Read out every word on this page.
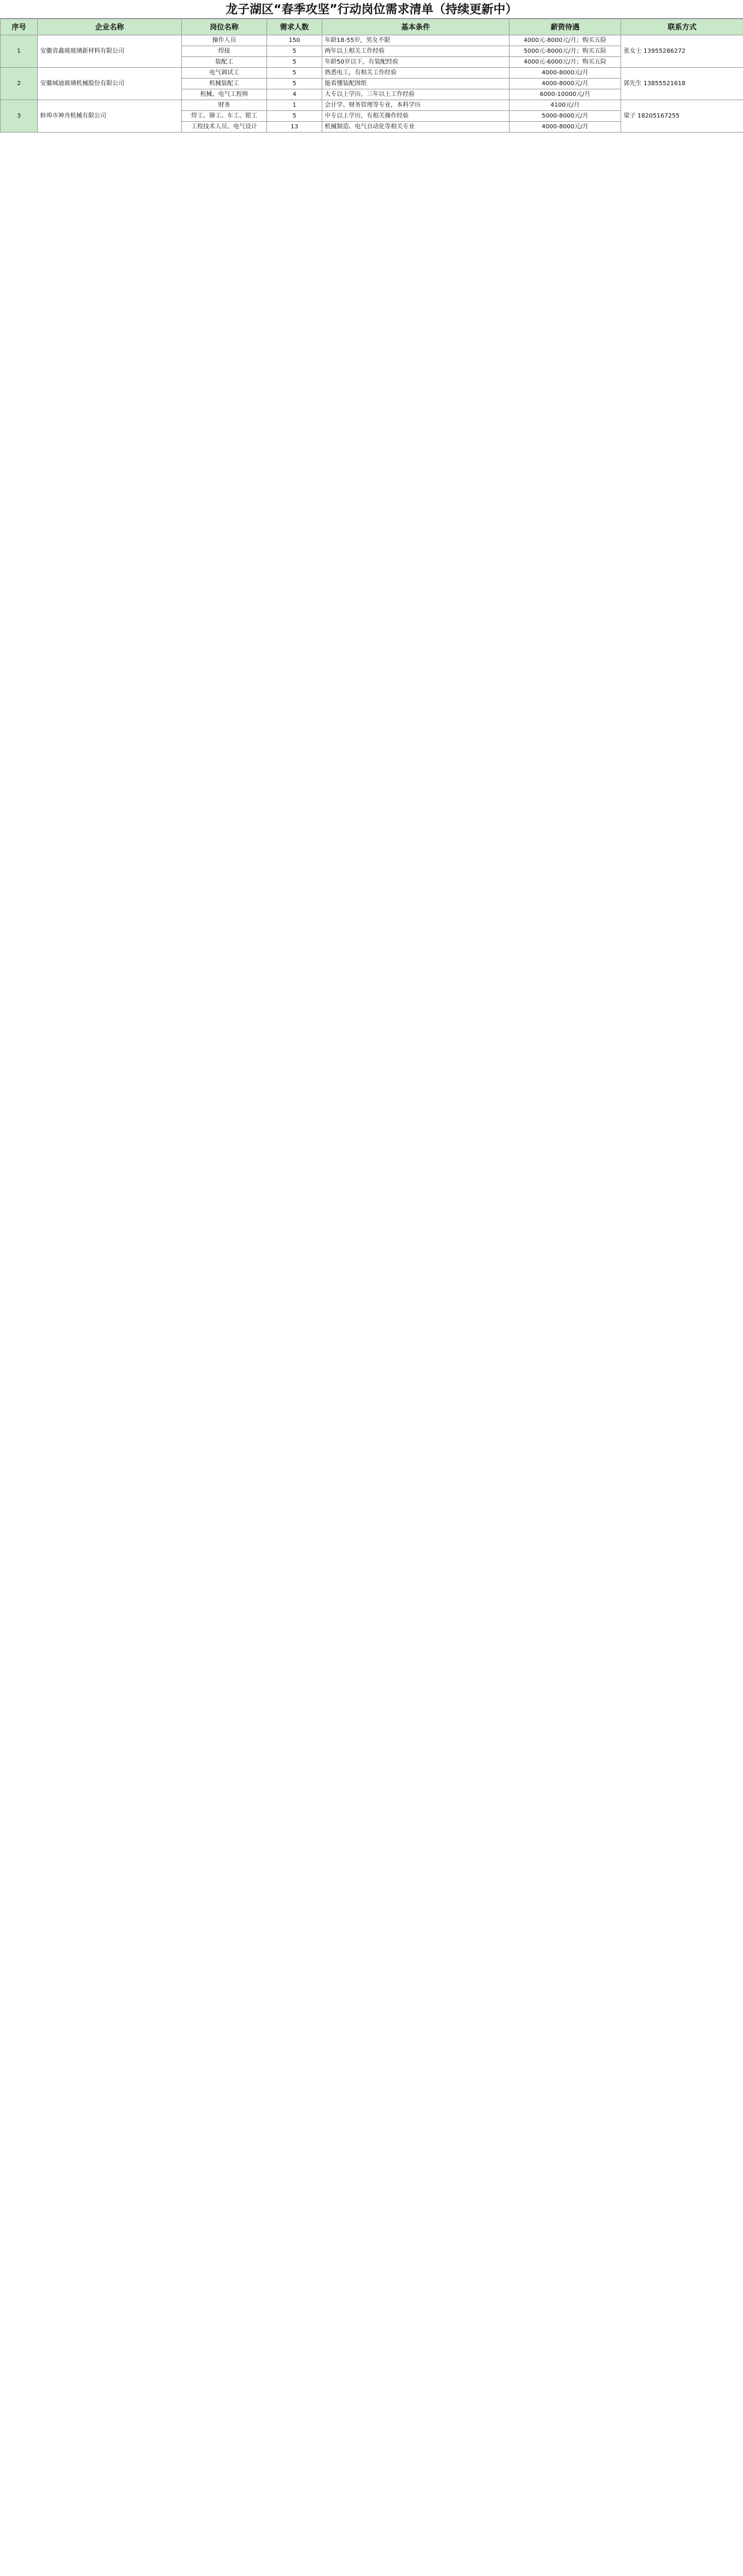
龙子湖区“春季攻坚”行动岗位需求清单（持续更新中）
序号	企业名称	岗位名称	需求人数	基本条件	薪资待遇	联系方式
1	安徽省鑫玻玻璃新材料有限公司	操作人员	150	年龄18-55岁，男女不限	4000元-8000元/月；购买五险	张女士 13955286272
		焊接	5	两年以上相关工作经验	5000元-8000元/月；购买五险	
		装配工	5	年龄50岁以下，有装配经验	4000元-6000元/月；购买五险	
2	安徽城迪玻璃机械股份有限公司	电气调试工	5	熟悉电工，有相关工作经验	4000-8000元/月	郭先生 13855521618
		机械装配工	5	能看懂装配图纸	4000-8000元/月	
		机械、电气工程师	4	大专以上学历，三年以上工作经验	6000-10000元/月	
3	蚌埠市神舟机械有限公司	财务	1	会计学、财务管理等专业，本科学历	4100元/月	梁子 18205167255
		焊工、铆工、车工、钳工	5	中专以上学历，有相关操作经验	5000-8000元/月	
		工程技术人员、电气设计	13	机械制造、电气自动化等相关专业	4000-8000元/月	
